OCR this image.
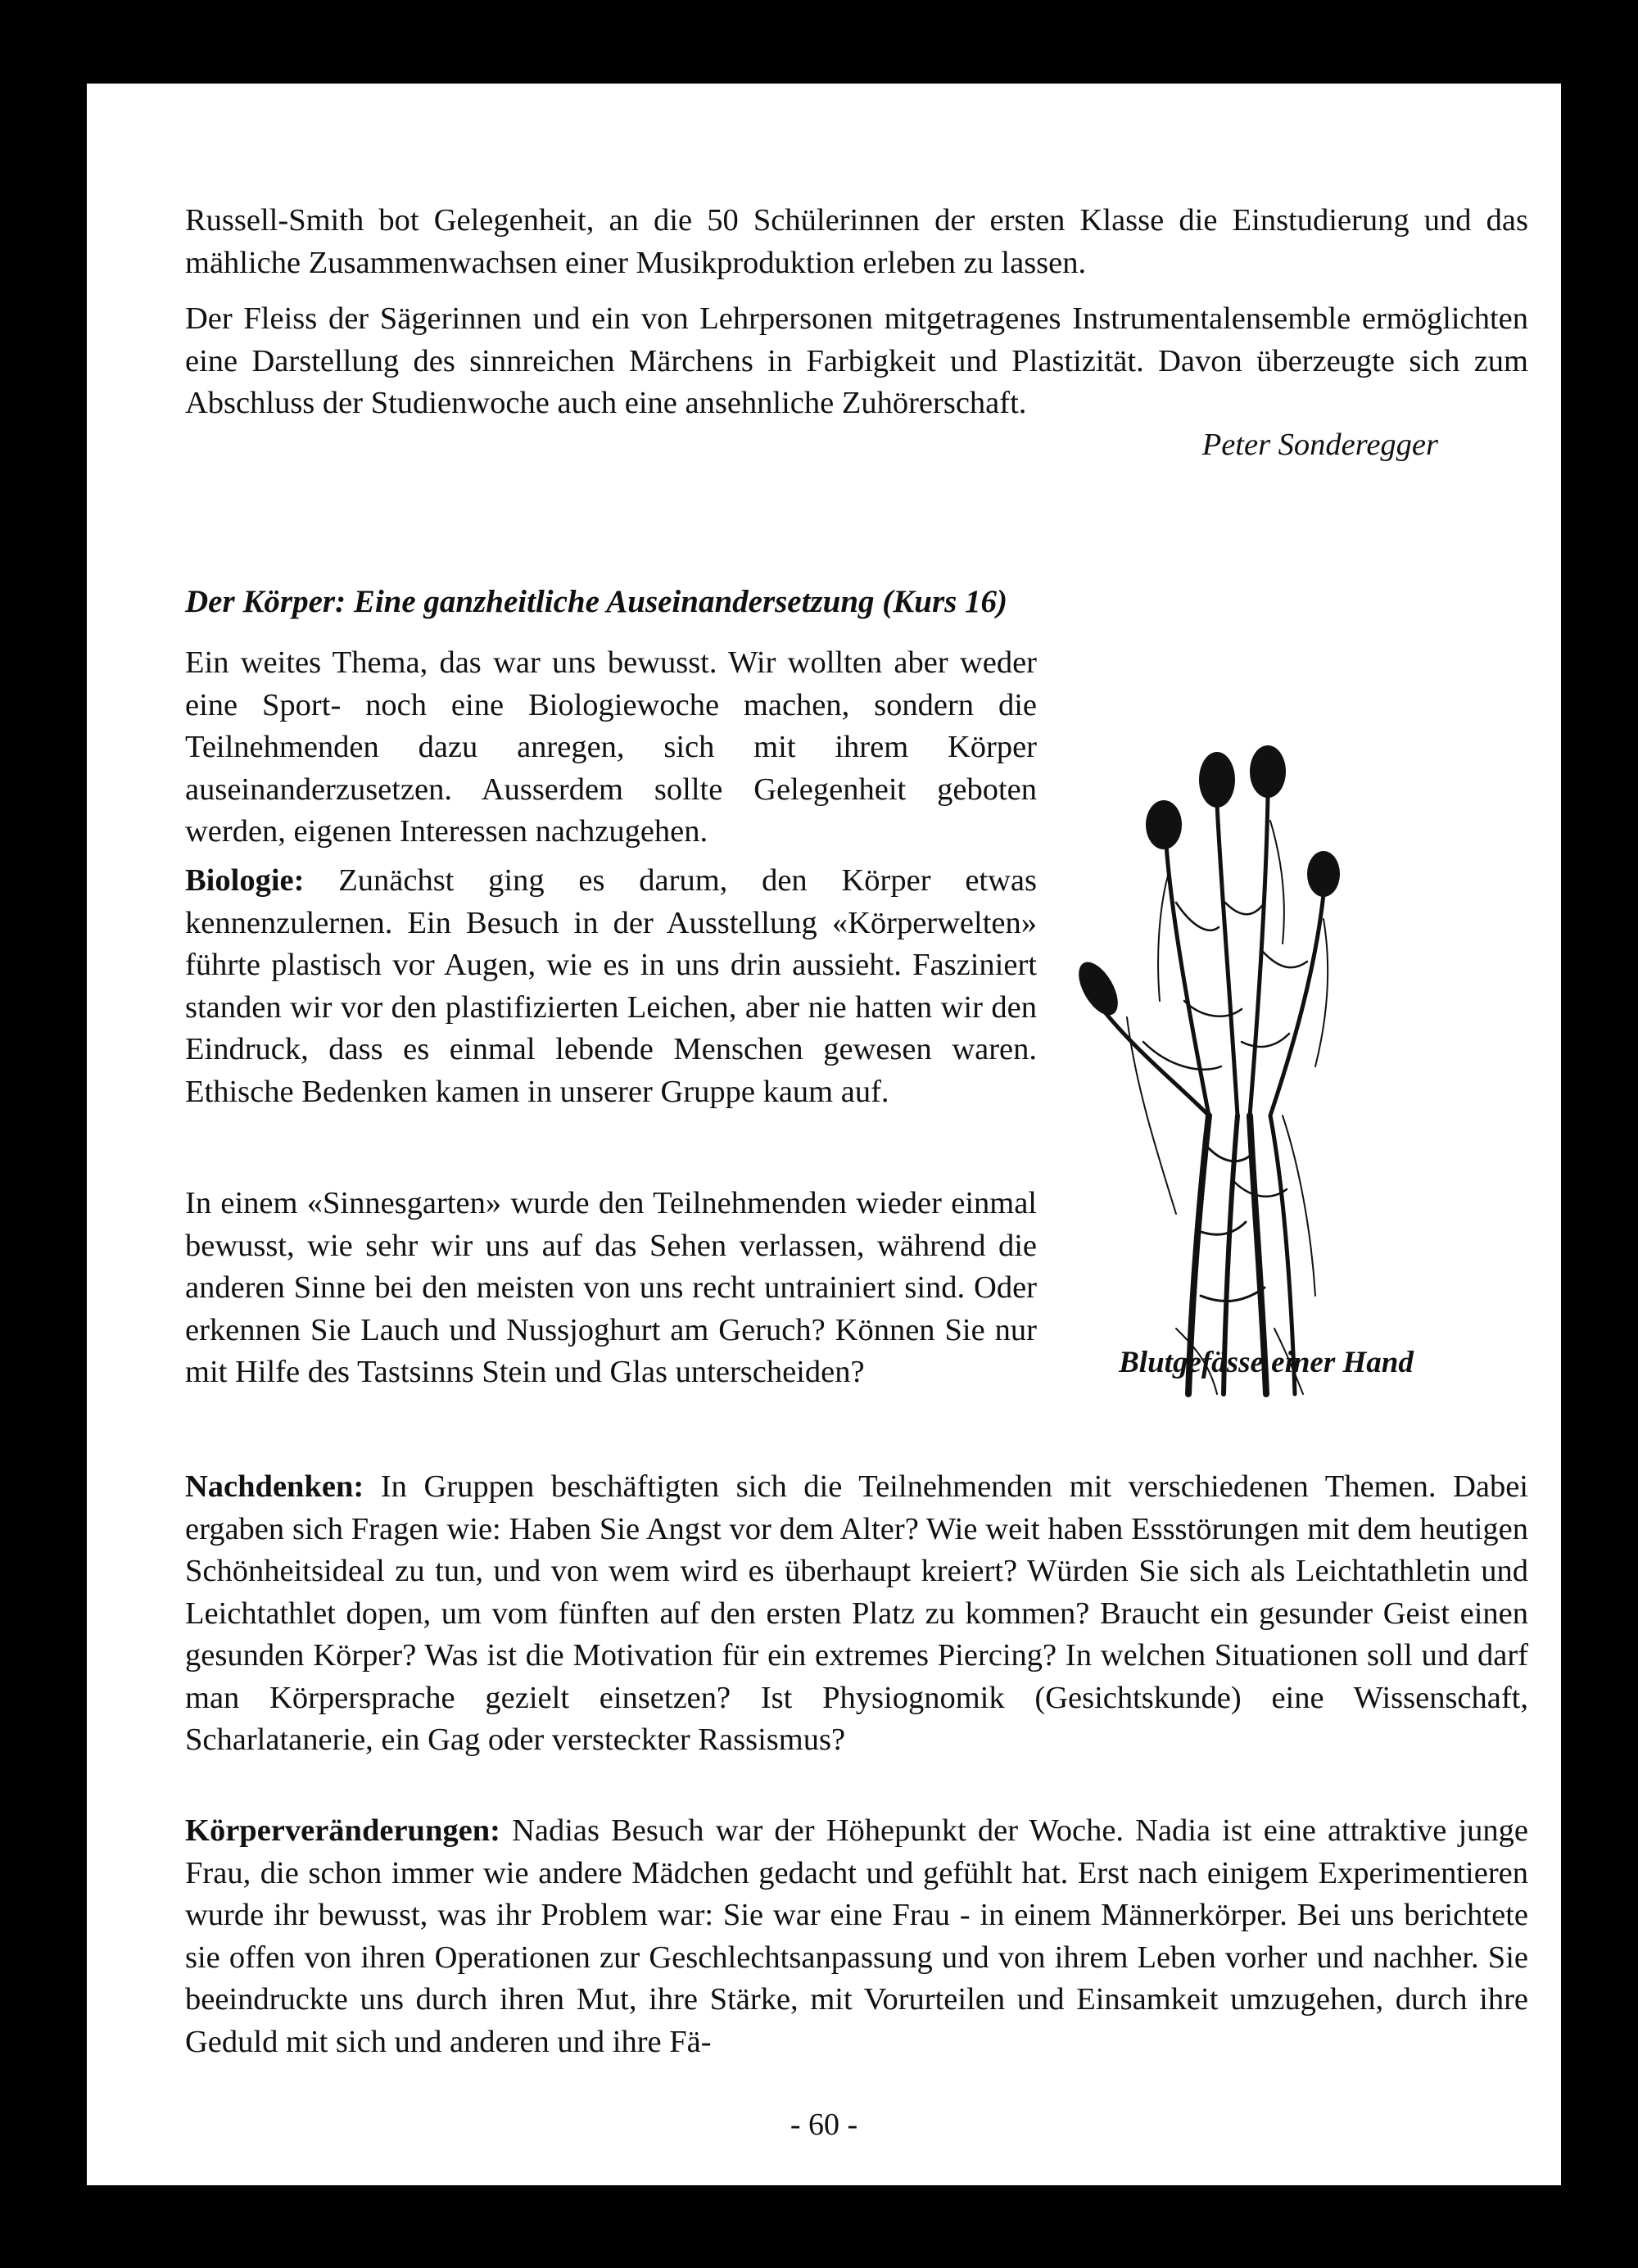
Russell-Smith bot Gelegenheit, an die 50 Schülerinnen der ersten Klasse die Einstudierung und das mähliche Zusammenwachsen einer Musikproduktion erleben zu lassen.

Der Fleiss der Sägerinnen und ein von Lehrpersonen mitgetragenes Instrumentalensemble ermöglichten eine Darstellung des sinnreichen Märchens in Farbigkeit und Plastizität. Davon überzeugte sich zum Abschluss der Studienwoche auch eine ansehnliche Zuhörerschaft.

Peter Sonderegger

Der Körper: Eine ganzheitliche Auseinandersetzung (Kurs 16)

Ein weites Thema, das war uns bewusst. Wir wollten aber weder eine Sport- noch eine Biologiewoche machen, sondern die Teilnehmenden dazu anregen, sich mit ihrem Körper auseinanderzusetzen. Ausserdem sollte Gelegenheit geboten werden, eigenen Interessen nachzugehen.

Biologie: Zunächst ging es darum, den Körper etwas kennenzulernen. Ein Besuch in der Ausstellung «Körperwelten» führte plastisch vor Augen, wie es in uns drin aussieht. Fasziniert standen wir vor den plastifizierten Leichen, aber nie hatten wir den Eindruck, dass es einmal lebende Menschen gewesen waren. Ethische Bedenken kamen in unserer Gruppe kaum auf.

In einem «Sinnesgarten» wurde den Teilnehmenden wieder einmal bewusst, wie sehr wir uns auf das Sehen verlassen, während die anderen Sinne bei den meisten von uns recht untrainiert sind. Oder erkennen Sie Lauch und Nussjoghurt am Geruch? Können Sie nur mit Hilfe des Tastsinns Stein und Glas unterscheiden?	Blutgefässe einer Hand

Nachdenken: In Gruppen beschäftigten sich die Teilnehmenden mit verschiedenen Themen. Dabei ergaben sich Fragen wie: Haben Sie Angst vor dem Alter? Wie weit haben Essstörungen mit dem heutigen Schönheitsideal zu tun, und von wem wird es überhaupt kreiert? Würden Sie sich als Leichtathletin und Leichtathlet dopen, um vom fünften auf den ersten Platz zu kommen? Braucht ein gesunder Geist einen gesunden Körper? Was ist die Motivation für ein extremes Piercing? In welchen Situationen soll und darf man Körpersprache gezielt einsetzen? Ist Physiognomik (Gesichtskunde) eine Wissenschaft, Scharlatanerie, ein Gag oder versteckter Rassismus?

Körperveränderungen: Nadias Besuch war der Höhepunkt der Woche. Nadia ist eine attraktive junge Frau, die schon immer wie andere Mädchen gedacht und gefühlt hat. Erst nach einigem Experimentieren wurde ihr bewusst, was ihr Problem war: Sie war eine Frau - in einem Männerkörper. Bei uns berichtete sie offen von ihren Operationen zur Geschlechtsanpassung und von ihrem Leben vorher und nachher. Sie beeindruckte uns durch ihren Mut, ihre Stärke, mit Vorurteilen und Einsamkeit umzugehen, durch ihre Geduld mit sich und anderen und ihre Fä-

- 60 -
